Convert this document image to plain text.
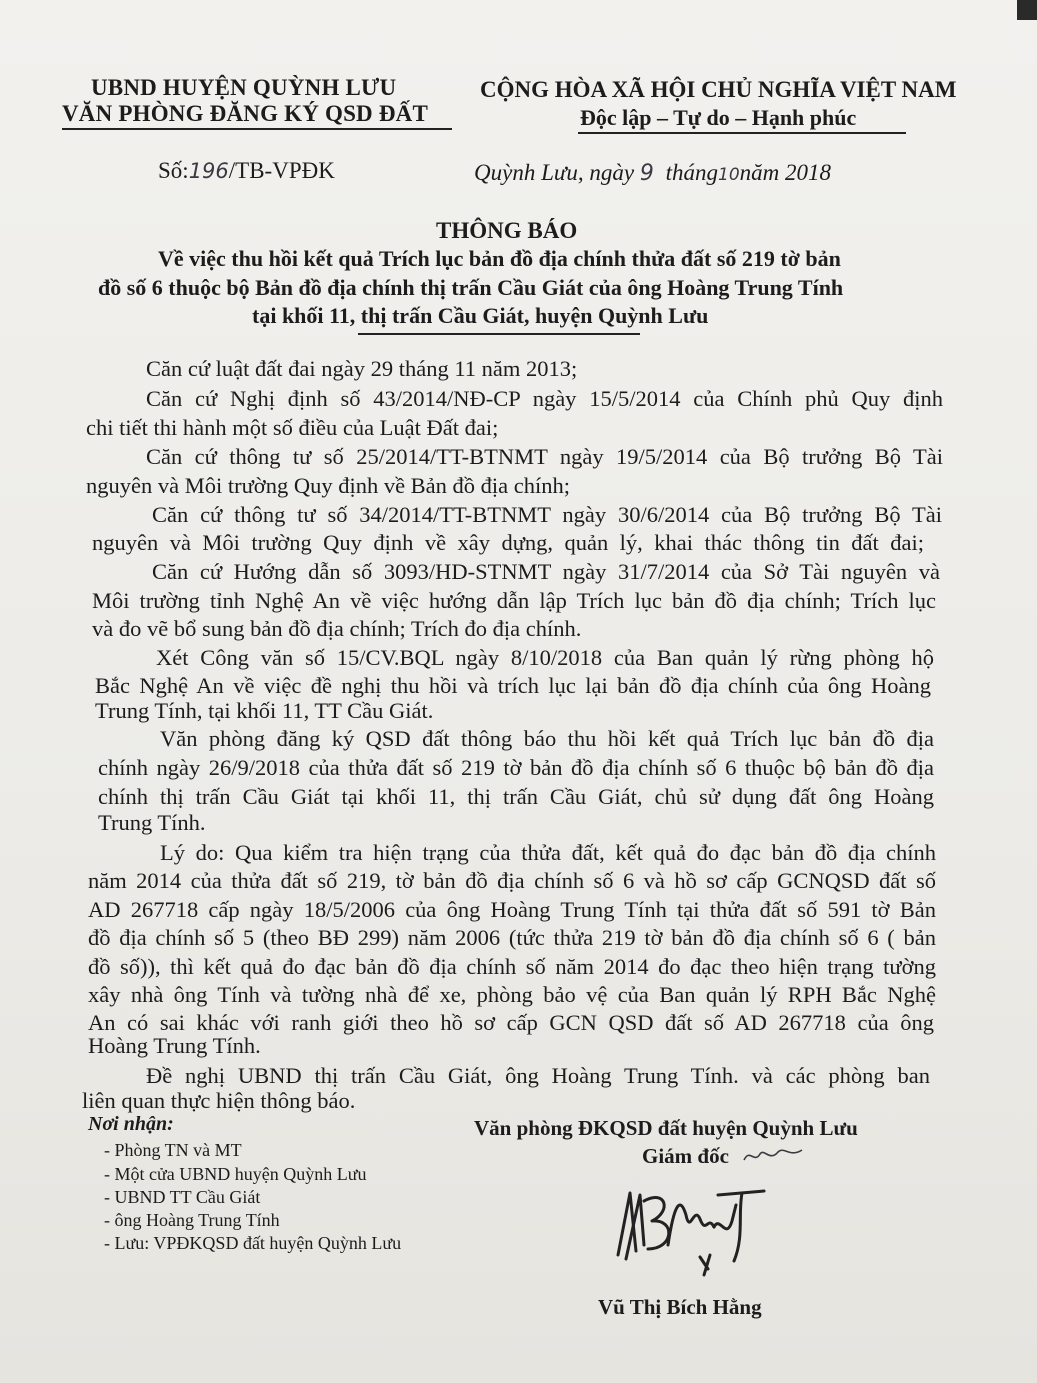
UBND HUYỆN QUỲNH LƯU
VĂN PHÒNG ĐĂNG KÝ QSD ĐẤT
CỘNG HÒA XÃ HỘI CHỦ NGHĨA VIỆT NAM
Độc lập – Tự do – Hạnh phúc
Số:196/TB-VPĐK	Quỳnh Lưu, ngày 9 tháng10năm 2018
THÔNG BÁO
Về việc thu hồi kết quả Trích lục bản đồ địa chính thửa đất số 219 tờ bản
đồ số 6 thuộc bộ Bản đồ địa chính thị trấn Cầu Giát của ông Hoàng Trung Tính
tại khối 11, thị trấn Cầu Giát, huyện Quỳnh Lưu
Căn cứ luật đất đai ngày 29 tháng 11 năm 2013;
Căn cứ Nghị định số 43/2014/NĐ-CP ngày 15/5/2014 của Chính phủ Quy định
chi tiết thi hành một số điều của Luật Đất đai;
Căn cứ thông tư số 25/2014/TT-BTNMT ngày 19/5/2014 của Bộ trưởng Bộ Tài
nguyên và Môi trường Quy định về Bản đồ địa chính;
Căn cứ thông tư số 34/2014/TT-BTNMT ngày 30/6/2014 của Bộ trưởng Bộ Tài
nguyên và Môi trường Quy định về xây dựng, quản lý, khai thác thông tin đất đai;
Căn cứ Hướng dẫn số 3093/HD-STNMT ngày 31/7/2014 của Sở Tài nguyên và
Môi trường tỉnh Nghệ An về việc hướng dẫn lập Trích lục bản đồ địa chính; Trích lục
và đo vẽ bổ sung bản đồ địa chính; Trích đo địa chính.
Xét Công văn số 15/CV.BQL ngày 8/10/2018 của Ban quản lý rừng phòng hộ
Bắc Nghệ An về việc đề nghị thu hồi và trích lục lại bản đồ địa chính của ông Hoàng
Trung Tính, tại khối 11, TT Cầu Giát.
Văn phòng đăng ký QSD đất thông báo thu hồi kết quả Trích lục bản đồ địa
chính ngày 26/9/2018 của thửa đất số 219 tờ bản đồ địa chính số 6 thuộc bộ bản đồ địa
chính thị trấn Cầu Giát tại khối 11, thị trấn Cầu Giát, chủ sử dụng đất ông Hoàng
Trung Tính.
Lý do: Qua kiểm tra hiện trạng của thửa đất, kết quả đo đạc bản đồ địa chính
năm 2014 của thửa đất số 219, tờ bản đồ địa chính số 6 và hồ sơ cấp GCNQSD đất số
AD 267718 cấp ngày 18/5/2006 của ông Hoàng Trung Tính tại thửa đất số 591 tờ Bản
đồ địa chính số 5 (theo BĐ 299) năm 2006 (tức thửa 219 tờ bản đồ địa chính số 6 ( bản
đồ số)), thì kết quả đo đạc bản đồ địa chính số năm 2014 đo đạc theo hiện trạng tường
xây nhà ông Tính và tường nhà để xe, phòng bảo vệ của Ban quản lý RPH Bắc Nghệ
An có sai khác với ranh giới theo hồ sơ cấp GCN QSD đất số AD 267718 của ông
Hoàng Trung Tính.
Đề nghị UBND thị trấn Cầu Giát, ông Hoàng Trung Tính. và các phòng ban
liên quan thực hiện thông báo.
Nơi nhận:
- Phòng TN và MT
- Một cửa UBND huyện Quỳnh Lưu
- UBND TT Cầu Giát
- ông Hoàng Trung Tính
- Lưu: VPĐKQSD đất huyện Quỳnh Lưu
Văn phòng ĐKQSD đất huyện Quỳnh Lưu
Giám đốc
Vũ Thị Bích Hằng
